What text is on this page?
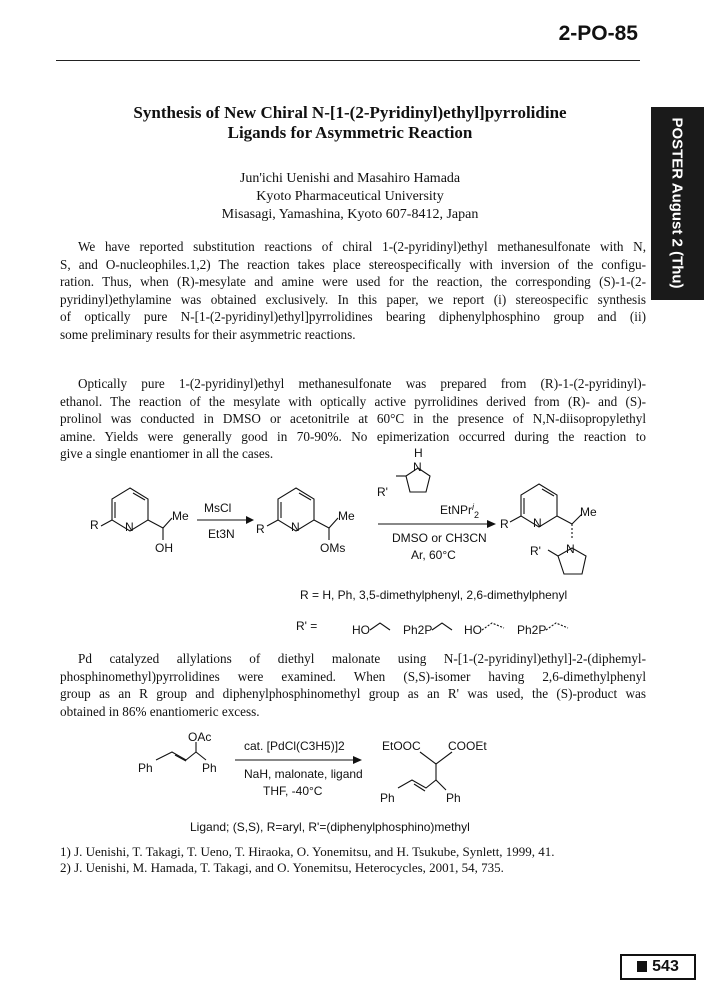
2-PO-85
POSTER August 2 (Thu)
Synthesis of New Chiral N-[1-(2-Pyridinyl)ethyl]pyrrolidine
Ligands for Asymmetric Reaction
Jun'ichi Uenishi and Masahiro Hamada
Kyoto Pharmaceutical University
Misasagi, Yamashina, Kyoto 607-8412, Japan
We have reported substitution reactions of chiral 1-(2-pyridinyl)ethyl methanesulfonate with N,
S, and O-nucleophiles.1,2) The reaction takes place stereospecifically with inversion of the configu-
ration. Thus, when (R)-mesylate and amine were used for the reaction, the corresponding (S)-1-(2-
pyridinyl)ethylamine was obtained exclusively. In this paper, we report (i) stereospecific synthesis
of optically pure N-[1-(2-pyridinyl)ethyl]pyrrolidines bearing diphenylphosphino group and (ii)
some preliminary results for their asymmetric reactions.
Optically pure 1-(2-pyridinyl)ethyl methanesulfonate was prepared from (R)-1-(2-pyridinyl)-
ethanol. The reaction of the mesylate with optically active pyrrolidines derived from (R)- and (S)-
prolinol was conducted in DMSO or acetonitrile at 60°C in the presence of N,N-diisopropylethyl
amine. Yields were generally good in 70-90%. No epimerization occurred during the reaction to
give a single enantiomer in all the cases.
R N
Me
OH
MsCl
Et3N R N
Me
OMs
H
N
R'
EtNPr$^i_2$
DMSO or CH3CN
Ar, 60°C
R N
Me
N
R'
HO	Ph2P	HO	Ph2P
OAc
Ph	Ph
cat. [PdCl(C3H5)]2
NaH, malonate, ligand
THF, -40°C
EtOOC COOEt
Ph	Ph
R = H, Ph, 3,5-dimethylphenyl, 2,6-dimethylphenyl
R' =
Pd catalyzed allylations of diethyl malonate using N-[1-(2-pyridinyl)ethyl]-2-(diphemyl-
phosphinomethyl)pyrrolidines were examined. When (S,S)-isomer having 2,6-dimethylphenyl
group as an R group and diphenylphosphinomethyl group as an R' was used, the (S)-product was
obtained in 86% enantiomeric excess.
Ligand; (S,S), R=aryl, R'=(diphenylphosphino)methyl
1) J. Uenishi, T. Takagi, T. Ueno, T. Hiraoka, O. Yonemitsu, and H. Tsukube, Synlett, 1999, 41.
2) J. Uenishi, M. Hamada, T. Takagi, and O. Yonemitsu, Heterocycles, 2001, 54, 735.
543
